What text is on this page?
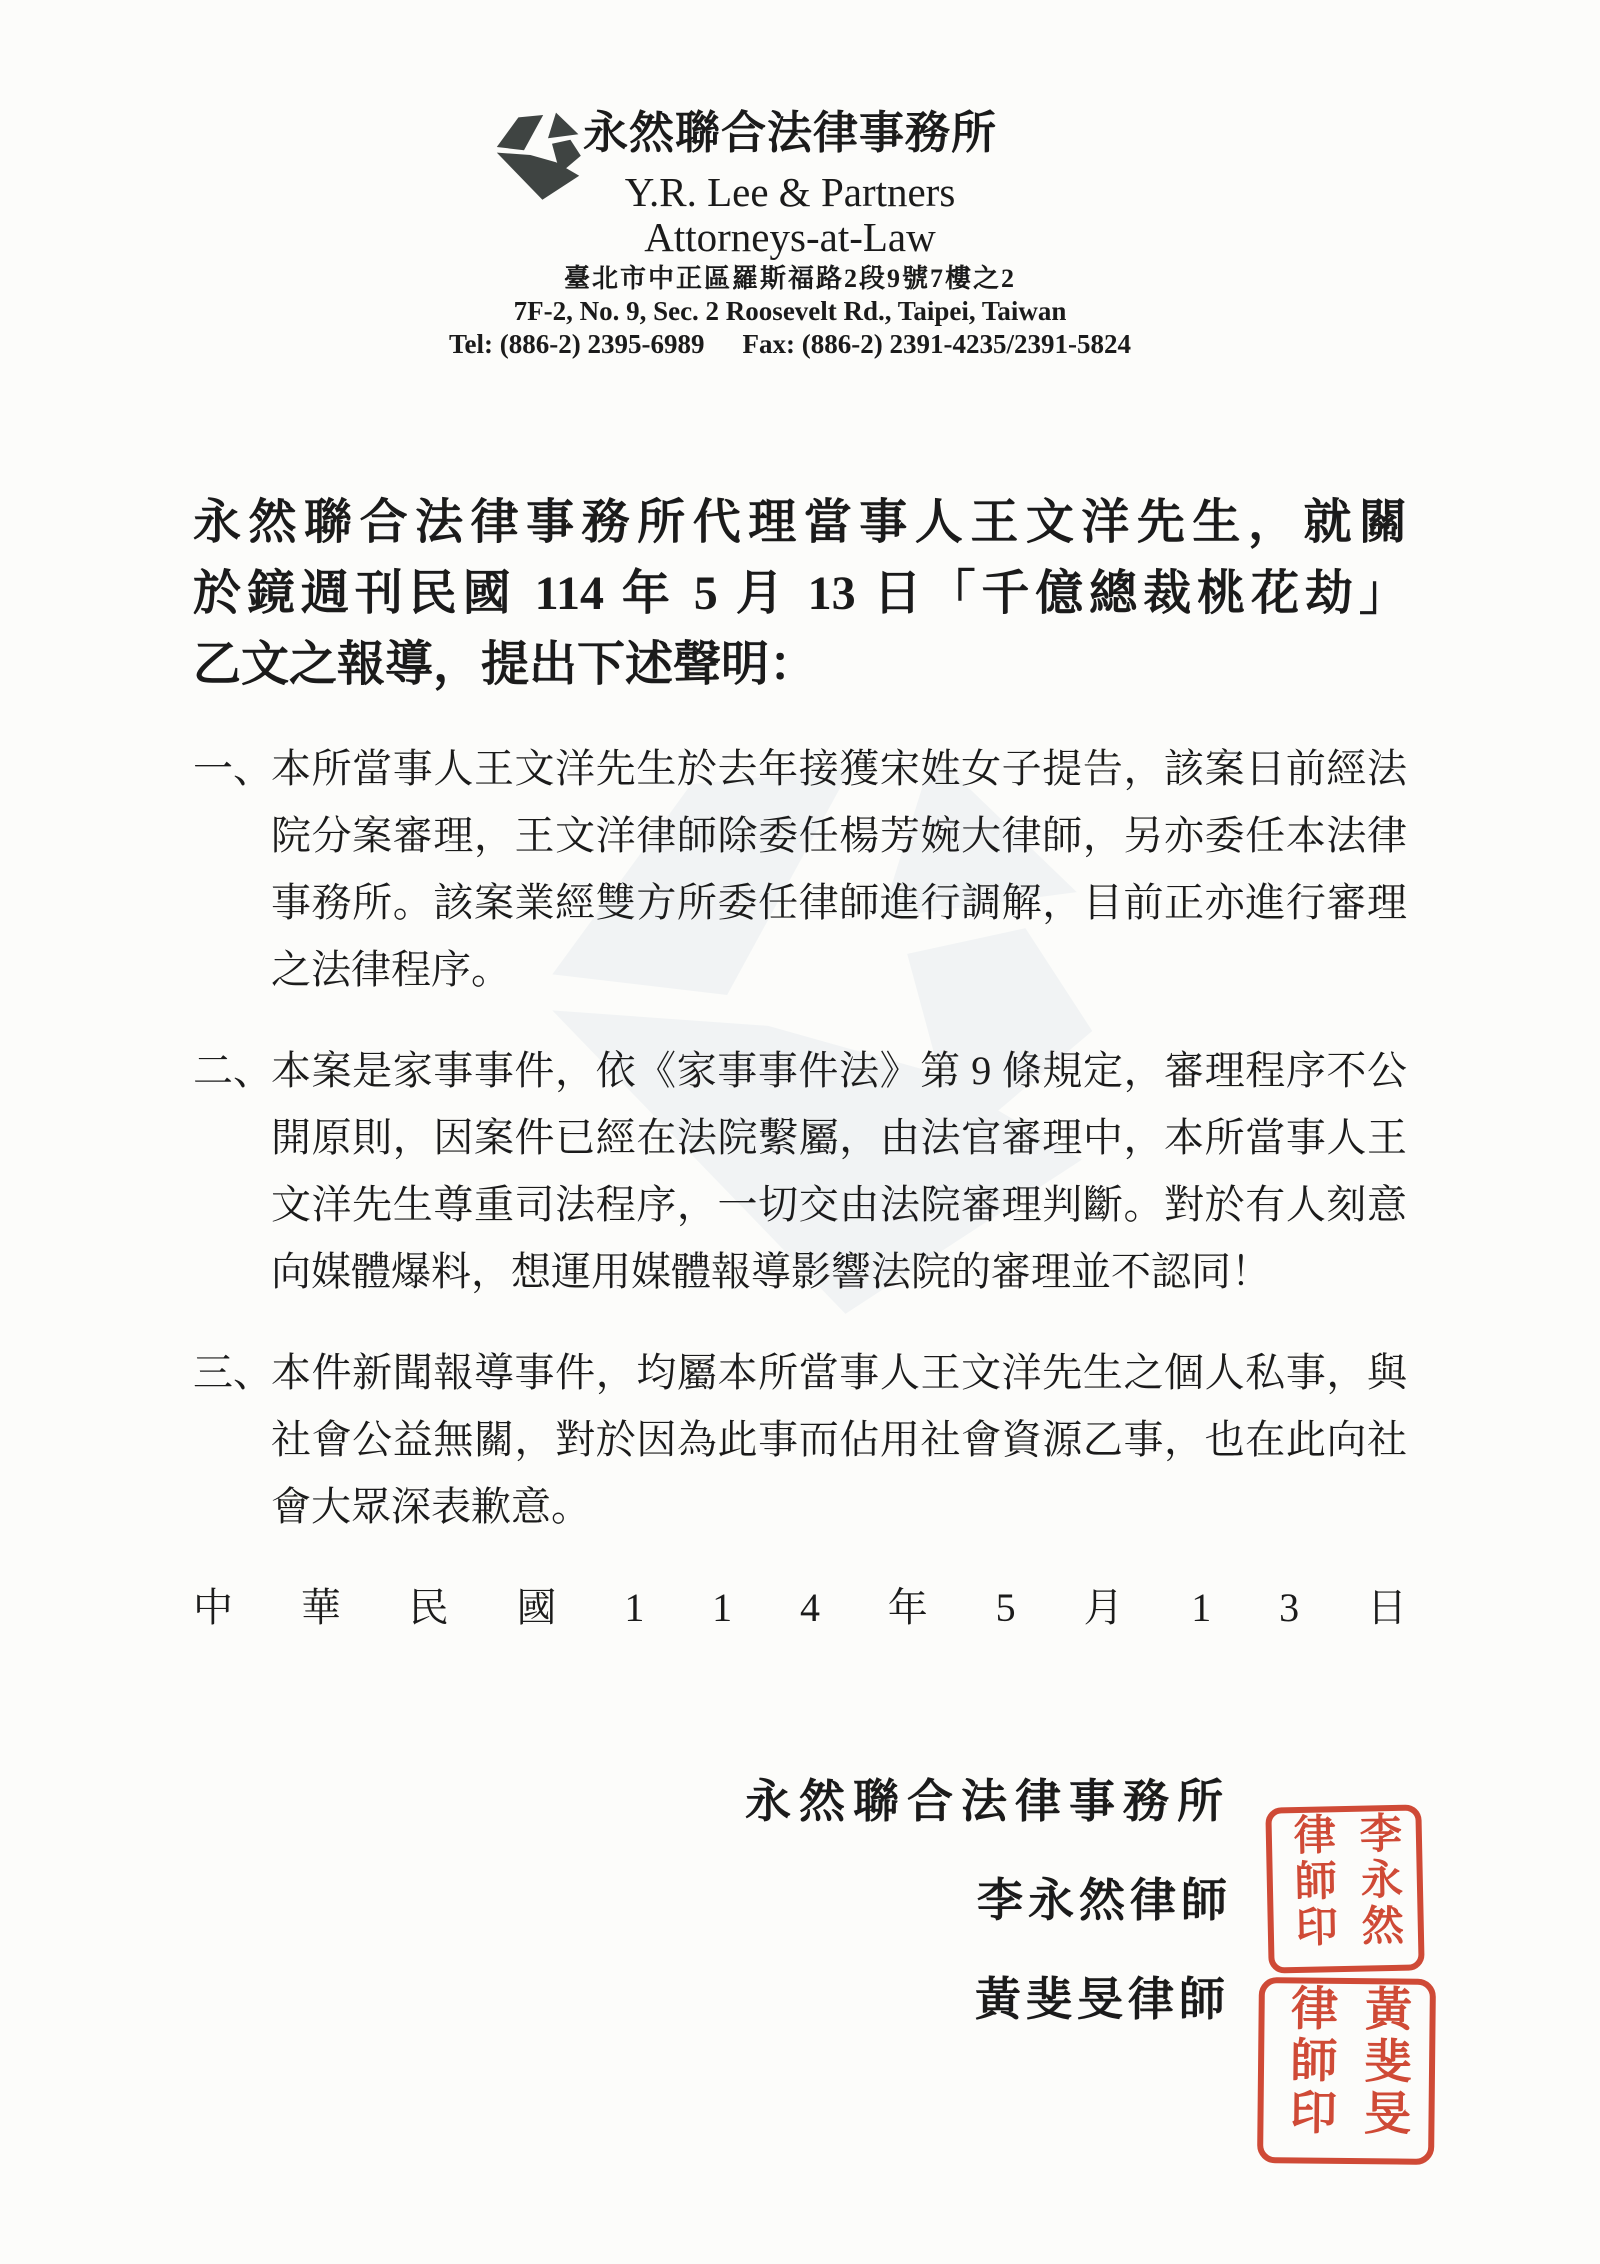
永然聯合法律事務所
Y.R. Lee & Partners
Attorneys-at-Law
臺北市中正區羅斯福路2段9號7樓之2
7F-2, No. 9, Sec. 2 Roosevelt Rd., Taipei, Taiwan
Tel: (886-2) 2395-6989 Fax: (886-2) 2391-4235/2391-5824
永然聯合法律事務所代理當事人王文洋先生，就關
於鏡週刊民國 114 年 5 月 13 日「千億總裁桃花劫」
乙文之報導，提出下述聲明：
一、
本所當事人王文洋先生於去年接獲宋姓女子提告，該案日前經法
院分案審理，王文洋律師除委任楊芳婉大律師，另亦委任本法律
事務所。該案業經雙方所委任律師進行調解，目前正亦進行審理
之法律程序。
二、
本案是家事事件，依《家事事件法》第 9 條規定，審理程序不公
開原則，因案件已經在法院繫屬，由法官審理中，本所當事人王
文洋先生尊重司法程序，一切交由法院審理判斷。對於有人刻意
向媒體爆料，想運用媒體報導影響法院的審理並不認同！
三、
本件新聞報導事件，均屬本所當事人王文洋先生之個人私事，與
社會公益無關，對於因為此事而佔用社會資源乙事，也在此向社
會大眾深表歉意。
中 華 民 國 1 1 4 年 5 月 1 3 日
永然聯合法律事務所
李永然律師
黃斐旻律師
李永然律師印
黃斐旻律師印
